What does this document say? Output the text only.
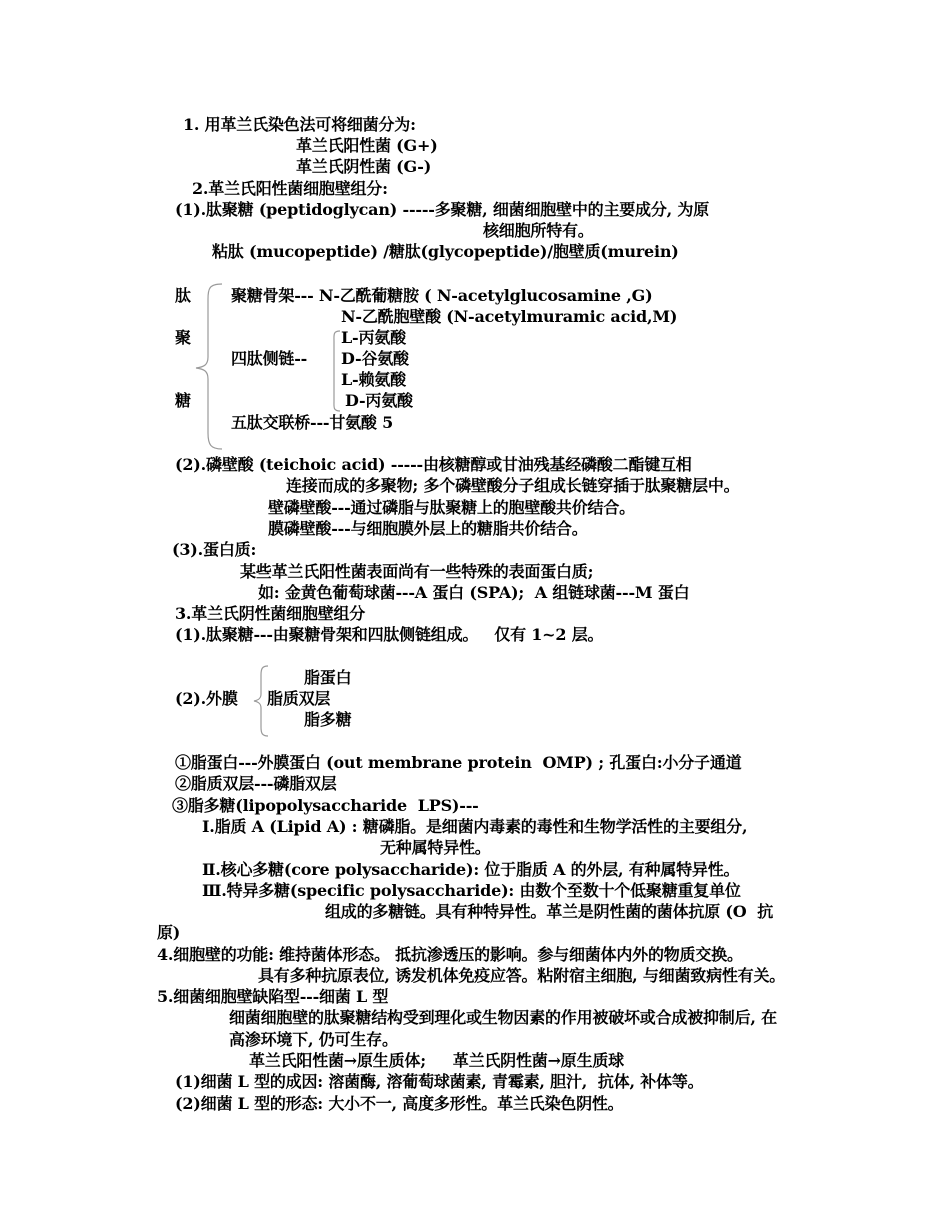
1. 用革兰氏染色法可将细菌分为:
革兰氏阳性菌 (G+)
革兰氏阴性菌 (G-)
2.革兰氏阳性菌细胞壁组分:
(1).肽聚糖 (peptidoglycan) -----多聚糖, 细菌细胞壁中的主要成分, 为原
核细胞所特有。
粘肽 (mucopeptide) /糖肽(glycopeptide)/胞壁质(murein)
肽
聚
糖
聚糖骨架--- N-乙酰葡糖胺 ( N-acetylglucosamine ,G)
N-乙酰胞壁酸 (N-acetylmuramic acid,M)
四肽侧链--
L-丙氨酸
D-谷氨酸
L-赖氨酸
D-丙氨酸
五肽交联桥---甘氨酸 5
(2).磷壁酸 (teichoic acid) -----由核糖醇或甘油残基经磷酸二酯键互相
连接而成的多聚物; 多个磷壁酸分子组成长链穿插于肽聚糖层中。
壁磷壁酸---通过磷脂与肽聚糖上的胞壁酸共价结合。
膜磷壁酸---与细胞膜外层上的糖脂共价结合。
(3).蛋白质:
某些革兰氏阳性菌表面尚有一些特殊的表面蛋白质;
如: 金黄色葡萄球菌---A 蛋白 (SPA);  A 组链球菌---M 蛋白
3.革兰氏阴性菌细胞壁组分
(1).肽聚糖---由聚糖骨架和四肽侧链组成。   仅有 1~2 层。
(2).外膜
脂蛋白
脂质双层
脂多糖
①脂蛋白---外膜蛋白 (out membrane protein  OMP) ; 孔蛋白:小分子通道
②脂质双层---磷脂双层
③脂多糖(lipopolysaccharide  LPS)---
Ⅰ.脂质 A (Lipid A) : 糖磷脂。是细菌内毒素的毒性和生物学活性的主要组分,
无种属特异性。
Ⅱ.核心多糖(core polysaccharide): 位于脂质 A 的外层, 有种属特异性。
Ⅲ.特异多糖(specific polysaccharide): 由数个至数十个低聚糖重复单位
组成的多糖链。具有种特异性。革兰是阴性菌的菌体抗原 (O  抗
原)
4.细胞壁的功能: 维持菌体形态。 抵抗渗透压的影响。参与细菌体内外的物质交换。
具有多种抗原表位, 诱发机体免疫应答。粘附宿主细胞, 与细菌致病性有关。
5.细菌细胞壁缺陷型---细菌 L 型
细菌细胞壁的肽聚糖结构受到理化或生物因素的作用被破坏或合成被抑制后, 在
高渗环境下, 仍可生存。
革兰氏阳性菌→原生质体;     革兰氏阴性菌→原生质球
(1)细菌 L 型的成因: 溶菌酶, 溶葡萄球菌素, 青霉素, 胆汁,  抗体, 补体等。
(2)细菌 L 型的形态: 大小不一, 高度多形性。革兰氏染色阴性。
